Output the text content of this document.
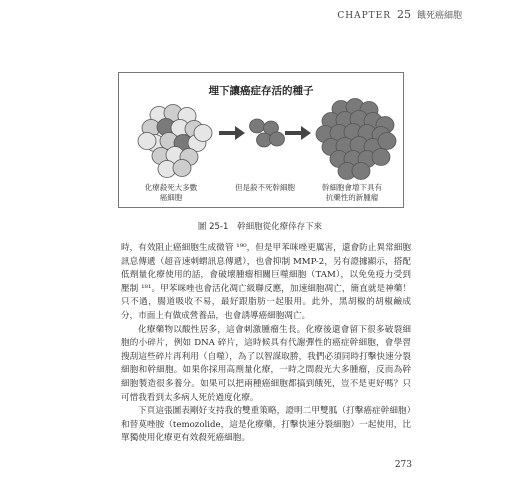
CHAPTER 25 餓死癌細胞
埋下讓癌症存活的種子
化療殺死大多數
癌細胞
但是殺不死幹細胞	幹細胞會增下具有
抗藥性的新腫瘤
圖 25-1 幹細胞從化療倖存下來

時，有效阻止癌細胞生成微管 ¹⁹⁰，但是甲苯咪唑更厲害，還會防止異常細胞訊息傳遞（超音速刺蝟訊息傳遞），也會抑制 MMP-2，另有證據顯示，搭配低劑量化療使用的話，會破壞腫瘤相關巨噬細胞（TAM），以免免疫力受到壓制 ¹⁸¹。甲苯咪唑也會活化凋亡級聯反應，加速細胞凋亡，簡直就是神藥！只不過，腸道吸收不易，最好跟脂肪一起服用。此外，黑胡椒的胡椒鹼成分，市面上有做成營養品，也會誘導癌細胞凋亡。

化療藥物以酸性居多，這會刺激腫瘤生長。化療後還會留下很多破裂細胞的小碎片，例如 DNA 碎片，這時候具有代謝彈性的癌症幹細胞，會學習搜刮這些碎片再利用（自噬），為了以智謀取勝，我們必須同時打擊快速分裂細胞和幹細胞。如果你採用高劑量化療，一時之間殺光大多腫瘤，反而為幹細胞製造很多養分。如果可以把兩種癌細胞都搞到餓死，豈不是更好嗎？只可惜我看到太多病人死於過度化療。

下頁這張圖表剛好支持我的雙重策略，證明二甲雙胍（打擊癌症幹細胞）和替莫唑胺（temozolide，這是化療藥，打擊快速分裂細胞）一起使用，比單獨使用化療更有效殺死癌細胞。

273
